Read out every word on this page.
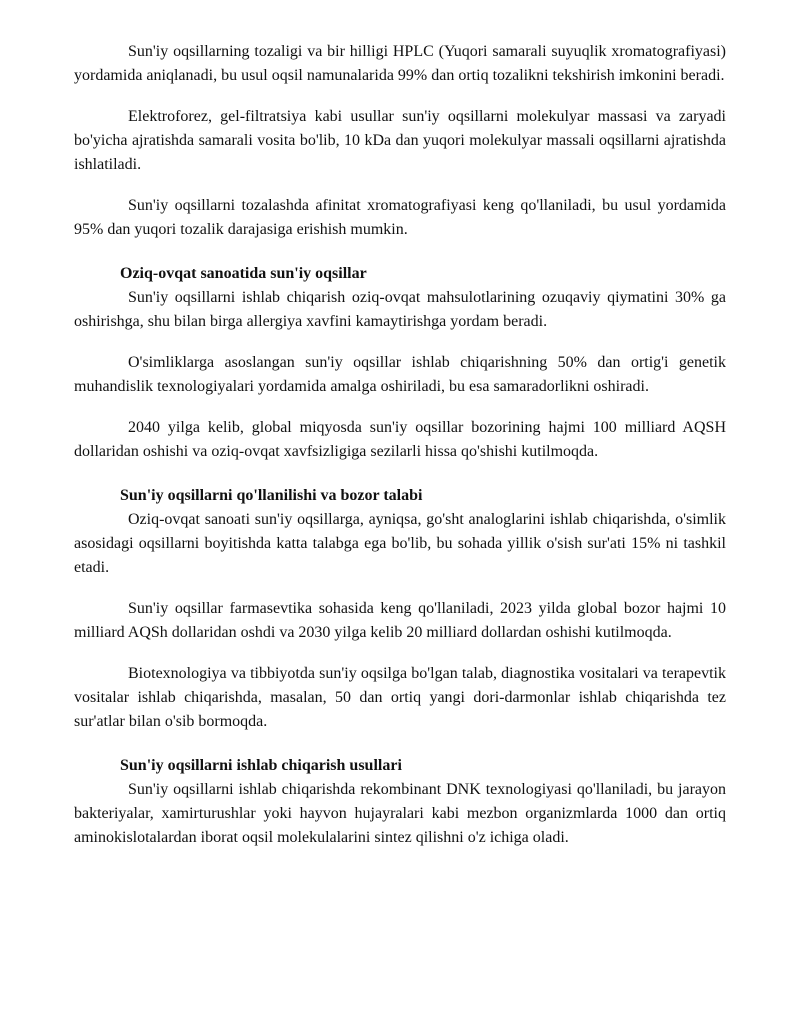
Sun'iy oqsillarning tozaligi va bir hilligi HPLC (Yuqori samarali suyuqlik xromatografiyasi) yordamida aniqlanadi, bu usul oqsil namunalarida 99% dan ortiq tozalikni tekshirish imkonini beradi.

Elektroforez, gel-filtratsiya kabi usullar sun'iy oqsillarni molekulyar massasi va zaryadi bo'yicha ajratishda samarali vosita bo'lib, 10 kDa dan yuqori molekulyar massali oqsillarni ajratishda ishlatiladi.

Sun'iy oqsillarni tozalashda afinitat xromatografiyasi keng qo'llaniladi, bu usul yordamida 95% dan yuqori tozalik darajasiga erishish mumkin.

Oziq-ovqat sanoatida sun'iy oqsillar

Sun'iy oqsillarni ishlab chiqarish oziq-ovqat mahsulotlarining ozuqaviy qiymatini 30% ga oshirishga, shu bilan birga allergiya xavfini kamaytirishga yordam beradi.

O'simliklarga asoslangan sun'iy oqsillar ishlab chiqarishning 50% dan ortig'i genetik muhandislik texnologiyalari yordamida amalga oshiriladi, bu esa samaradorlikni oshiradi.

2040 yilga kelib, global miqyosda sun'iy oqsillar bozorining hajmi 100 milliard AQSH dollaridan oshishi va oziq-ovqat xavfsizligiga sezilarli hissa qo'shishi kutilmoqda.

Sun'iy oqsillarni qo'llanilishi va bozor talabi

Oziq-ovqat sanoati sun'iy oqsillarga, ayniqsa, go'sht analoglarini ishlab chiqarishda, o'simlik asosidagi oqsillarni boyitishda katta talabga ega bo'lib, bu sohada yillik o'sish sur'ati 15% ni tashkil etadi.

Sun'iy oqsillar farmasevtika sohasida keng qo'llaniladi, 2023 yilda global bozor hajmi 10 milliard AQSh dollaridan oshdi va 2030 yilga kelib 20 milliard dollardan oshishi kutilmoqda.

Biotexnologiya va tibbiyotda sun'iy oqsilga bo'lgan talab, diagnostika vositalari va terapevtik vositalar ishlab chiqarishda, masalan, 50 dan ortiq yangi dori-darmonlar ishlab chiqarishda tez sur'atlar bilan o'sib bormoqda.

Sun'iy oqsillarni ishlab chiqarish usullari

Sun'iy oqsillarni ishlab chiqarishda rekombinant DNK texnologiyasi qo'llaniladi, bu jarayon bakteriyalar, xamirturushlar yoki hayvon hujayralari kabi mezbon organizmlarda 1000 dan ortiq aminokislotalardan iborat oqsil molekulalarini sintez qilishni o'z ichiga oladi.
